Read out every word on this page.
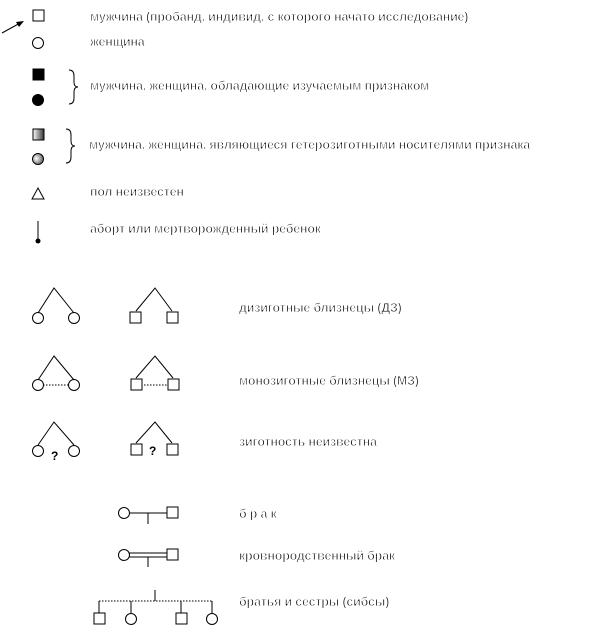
мужчина (пробанд, индивид, с которого начато исследование)
женщина
мужчина, женщина, обладающие изучаемым признаком
мужчина, женщина, являющиеся гетерозиготными носителями признака
пол неизвестен
аборт или мертворожденный ребенок
дизиготные близнецы (ДЗ)
монозиготные близнецы (МЗ)
?	?
зиготность неизвестна
б р а к
кровнородственный брак
братья и сестры (сибсы)
